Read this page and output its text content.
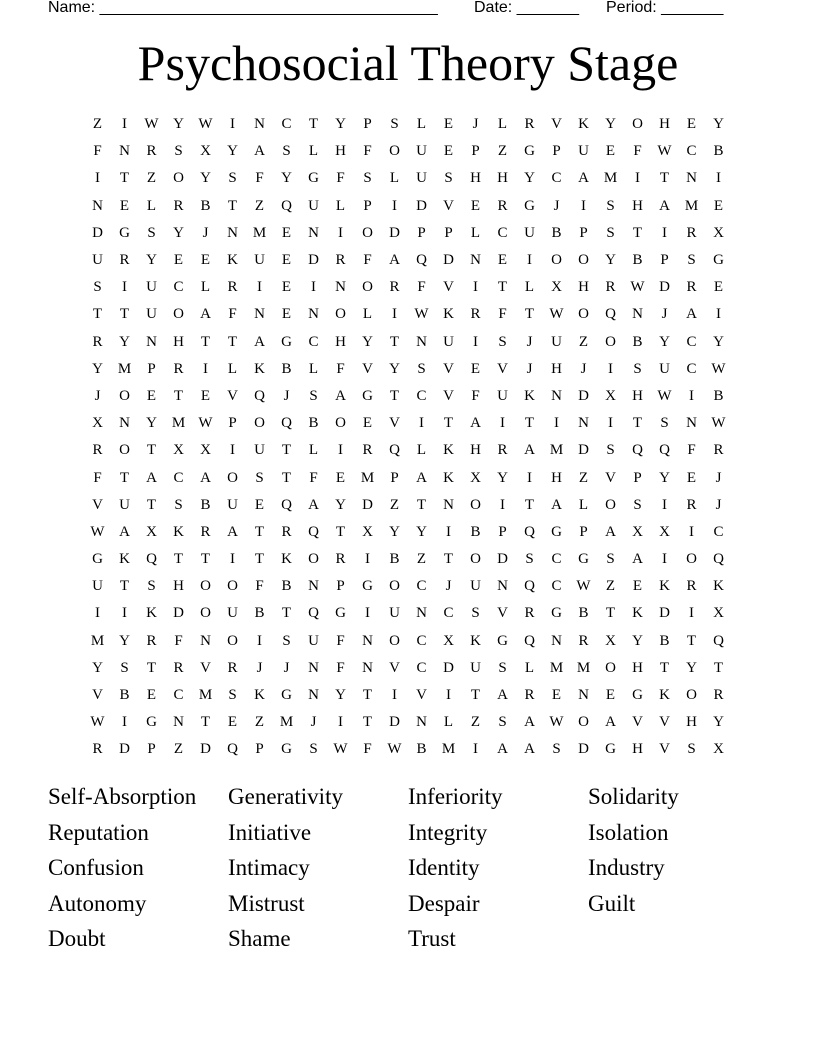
Name: ______________________________________ Date: _______ Period: _______
Psychosocial Theory Stage
Z	I	W Y W	I	N	C	T	Y	P	S	L	E	J	L	R	V	K	Y	O	H	E	Y
F	N	R	S	X	Y	A	S	L	H	F	O	U	E	P	Z	G	P	U	E	F	W C	B
I	T	Z	O	Y	S	F	Y	G	F	S	L	U	S	H	H	Y	C	A M	I	T	N	I
N	E	L	R	B	T	Z	Q	U	L	P	I	D	V	E	R	G	J	I	S	H	A M	E
D	G	S	Y	J	N M	E	N	I	O	D	P	P	L	C	U	B	P	S	T	I	R	X
U	R	Y	E	E	K	U	E	D	R	F	A	Q	D	N	E	I	O	O	Y	B	P	S	G
S	I	U	C	L	R	I	E	I	N	O	R	F	V	I	T	L	X	H	R W D	R	E
T	T	U	O	A	F	N	E	N	O	L	I	W K	R	F	T	W O	Q	N	J	A	I
R	Y	N	H	T	T	A	G	C	H	Y	T	N	U	I	S	J	U	Z	O	B	Y	C	Y
Y M	P	R	I	L	K	B	L	F	V	Y	S	V	E	V	J	H	J	I	S	U	C W
J	O	E	T	E	V	Q	J	S	A	G	T	C	V	F	U	K	N	D	X	H W	I	B
X	N	Y M W	P	O	Q	B	O	E	V	I	T	A	I	T	I	N	I	T	S	N W
R	O	T	X	X	I	U	T	L	I	R	Q	L	K	H	R	A M D	S	Q	Q	F	R
F	T	A	C	A	O	S	T	F	E	M	P	A	K	X	Y	I	H	Z	V	P	Y	E	J
V	U	T	S	B	U	E	Q	A	Y	D	Z	T	N	O	I	T	A	L	O	S	I	R	J
W A	X	K	R	A	T	R	Q	T	X	Y	Y	I	B	P	Q	G	P	A	X	X	I	C
G	K	Q	T	T	I	T	K	O	R	I	B	Z	T	O	D	S	C	G	S	A	I	O	Q
U	T	S	H	O	O	F	B	N	P	G	O	C	J	U	N	Q	C W	Z	E	K	R	K
I	I	K	D	O	U	B	T	Q	G	I	U	N	C	S	V	R	G	B	T	K	D	I	X
M Y	R	F	N	O	I	S	U	F	N	O	C	X	K	G	Q	N	R	X	Y	B	T	Q
Y	S	T	R	V	R	J	J	N	F	N	V	C	D	U	S	L	M M O	H	T	Y	T
V	B	E	C	M	S	K	G	N	Y	T	I	V	I	T	A	R	E	N	E	G	K	O	R
W	I	G	N	T	E	Z	M	J	I	T	D	N	L	Z	S	A W O	A	V	V	H	Y
R	D	P	Z	D	Q	P	G	S	W	F	W B	M	I	A	A	S	D	G	H	V	S	X
Self-Absorption	Generativity	Inferiority	Solidarity
Reputation	Initiative	Integrity	Isolation
Confusion	Intimacy	Identity	Industry
Autonomy	Mistrust	Despair	Guilt
Doubt	Shame	Trust
